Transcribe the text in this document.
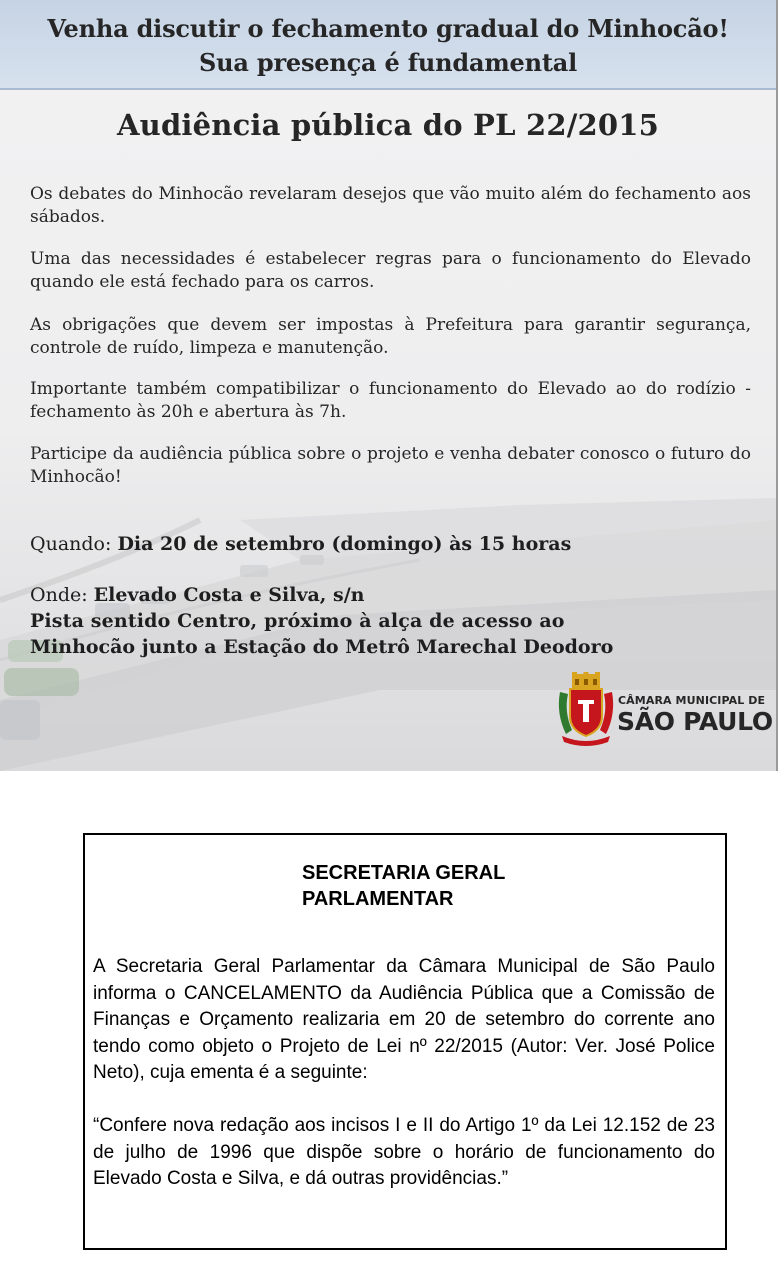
Venha discutir o fechamento gradual do Minhocão!
Sua presença é fundamental
Audiência pública do PL 22/2015
Os debates do Minhocão revelaram desejos que vão muito além do fechamento aos sábados.
Uma das necessidades é estabelecer regras para o funcionamento do Elevado quando ele está fechado para os carros.
As obrigações que devem ser impostas à Prefeitura para garantir segurança, controle de ruído, limpeza e manutenção.
Importante também compatibilizar o funcionamento do Elevado ao do rodízio - fechamento às 20h e abertura às 7h.
Participe da audiência pública sobre o projeto e venha debater conosco o futuro do Minhocão!
Quando: Dia 20 de setembro (domingo) às 15 horas
Onde: Elevado Costa e Silva, s/n
Pista sentido Centro, próximo à alça de acesso ao
Minhocão junto a Estação do Metrô Marechal Deodoro
CÂMARA MUNICIPAL DE
SÃO PAULO
SECRETARIA GERAL PARLAMENTAR
A Secretaria Geral Parlamentar da Câmara Municipal de São Paulo informa o CANCELAMENTO da Audiência Pública que a Comissão de Finanças e Orçamento realizaria em 20 de setembro do corrente ano tendo como objeto o Projeto de Lei nº 22/2015 (Autor: Ver. José Police Neto), cuja ementa é a seguinte:
“Confere nova redação aos incisos I e II do Artigo 1º da Lei 12.152 de 23 de julho de 1996 que dispõe sobre o horário de funcionamento do Elevado Costa e Silva, e dá outras providências.”
